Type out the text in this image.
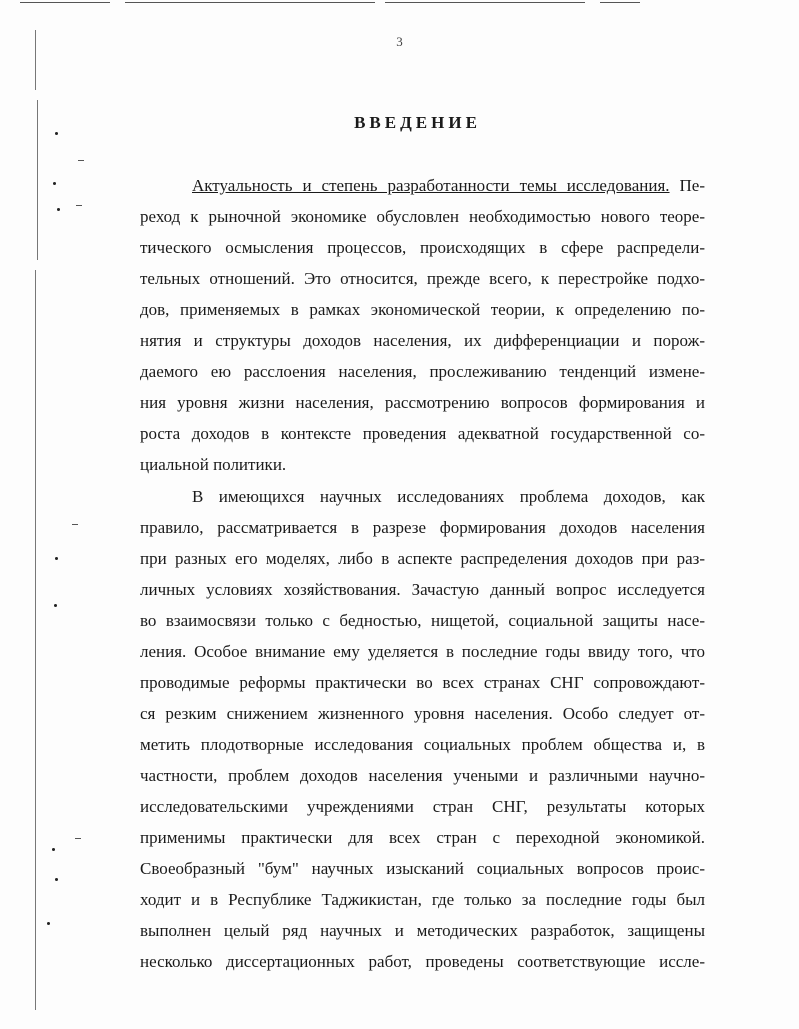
3
ВВЕДЕНИЕ
Актуальность и степень разработанности темы исследования. Пе-
реход к рыночной экономике обусловлен необходимостью нового теоре-
тического осмысления процессов, происходящих в сфере распредели-
тельных отношений. Это относится, прежде всего, к перестройке подхо-
дов, применяемых в рамках экономической теории, к определению по-
нятия и структуры доходов населения, их дифференциации и порож-
даемого ею расслоения населения, прослеживанию тенденций измене-
ния уровня жизни населения, рассмотрению вопросов формирования и
роста доходов в контексте проведения адекватной государственной со-
циальной политики.
В имеющихся научных исследованиях проблема доходов, как
правило, рассматривается в разрезе формирования доходов населения
при разных его моделях, либо в аспекте распределения доходов при раз-
личных условиях хозяйствования. Зачастую данный вопрос исследуется
во взаимосвязи только с бедностью, нищетой, социальной защиты насе-
ления. Особое внимание ему уделяется в последние годы ввиду того, что
проводимые реформы практически во всех странах СНГ сопровождают-
ся резким снижением жизненного уровня населения. Особо следует от-
метить плодотворные исследования социальных проблем общества и, в
частности, проблем доходов населения учеными и различными научно-
исследовательскими учреждениями стран СНГ, результаты которых
применимы практически для всех стран с переходной экономикой.
Своеобразный "бум" научных изысканий социальных вопросов проис-
ходит и в Республике Таджикистан, где только за последние годы был
выполнен целый ряд научных и методических разработок, защищены
несколько диссертационных работ, проведены соответствующие иссле-
